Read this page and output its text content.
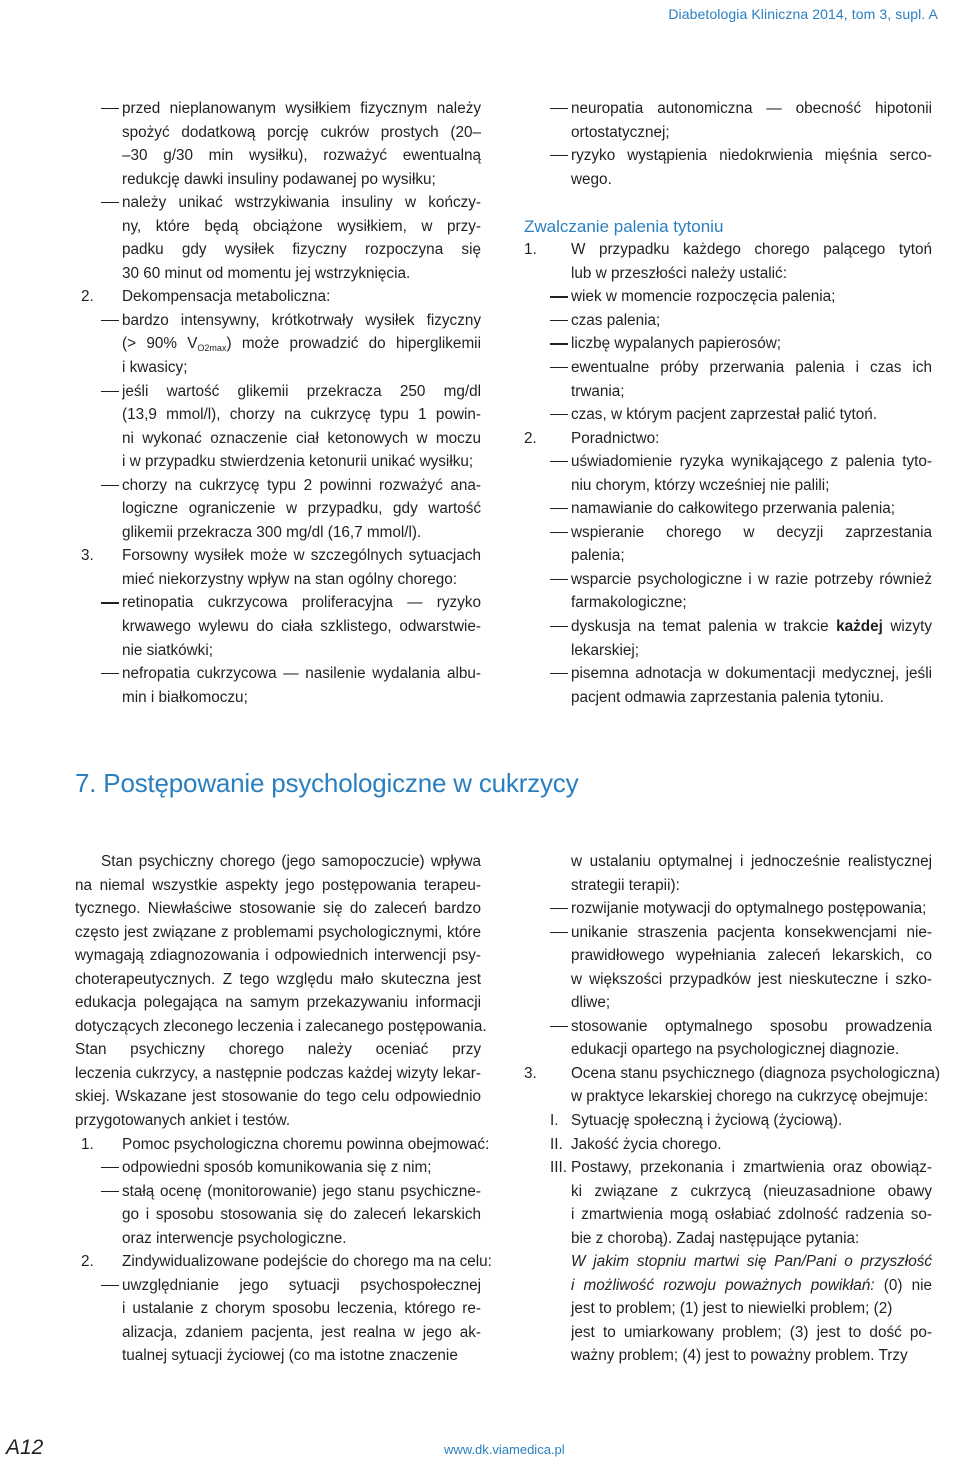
Diabetologia Kliniczna 2014, tom 3, supl. A
przed nieplanowanym wysiłkiem fizycznym należy
spożyć dodatkową porcję cukrów prostych (20–
–30 g/30 min wysiłku), rozważyć ewentualną
redukcję dawki insuliny podawanej po wysiłku;
należy unikać wstrzykiwania insuliny w kończy-
ny, które będą obciążone wysiłkiem, w przy-
padku gdy wysiłek fizyczny rozpoczyna się
30 60 minut od momentu jej wstrzyknięcia.
2. Dekompensacja metaboliczna:
bardzo intensywny, krótkotrwały wysiłek fizyczny
(> 90% $V_{O2max}$) może prowadzić do hiperglikemii
i kwasicy;
jeśli wartość glikemii przekracza 250 mg/dl
(13,9 mmol/l), chorzy na cukrzycę typu 1 powin-
ni wykonać oznaczenie ciał ketonowych w moczu
i w przypadku stwierdzenia ketonurii unikać wysiłku;
chorzy na cukrzycę typu 2 powinni rozważyć ana-
logiczne ograniczenie w przypadku, gdy wartość
glikemii przekracza 300 mg/dl (16,7 mmol/l).
3. Forsowny wysiłek może w szczególnych sytuacjach
mieć niekorzystny wpływ na stan ogólny chorego:
retinopatia cukrzycowa proliferacyjna — ryzyko
krwawego wylewu do ciała szklistego, odwarstwie-
nie siatkówki;
nefropatia cukrzycowa — nasilenie wydalania albu-
min i białkomoczu;
neuropatia autonomiczna — obecność hipotonii
ortostatycznej;
ryzyko wystąpienia niedokrwienia mięśnia serco-
wego.
Zwalczanie palenia tytoniu
1. W przypadku każdego chorego palącego tytoń
lub w przeszłości należy ustalić:
wiek w momencie rozpoczęcia palenia;
czas palenia;
liczbę wypalanych papierosów;
ewentualne próby przerwania palenia i czas ich
trwania;
czas, w którym pacjent zaprzestał palić tytoń.
2. Poradnictwo:
uświadomienie ryzyka wynikającego z palenia tyto-
niu chorym, którzy wcześniej nie palili;
namawianie do całkowitego przerwania palenia;
wspieranie chorego w decyzji zaprzestania
palenia;
wsparcie psychologiczne i w razie potrzeby również
farmakologiczne;
dyskusja na temat palenia w trakcie każdej wizyty
lekarskiej;
pisemna adnotacja w dokumentacji medycznej, jeśli
pacjent odmawia zaprzestania palenia tytoniu.
7. Postępowanie psychologiczne w cukrzycy
Stan psychiczny chorego (jego samopoczucie) wpływa
na niemal wszystkie aspekty jego postępowania terapeu-
tycznego. Niewłaściwe stosowanie się do zaleceń bardzo
często jest związane z problemami psychologicznymi, które
wymagają zdiagnozowania i odpowiednich interwencji psy-
choterapeutycznych. Z tego względu mało skuteczna jest
edukacja polegająca na samym przekazywaniu informacji
dotyczących zleconego leczenia i zalecanego postępowania.
Stan psychiczny chorego należy oceniać przy
leczenia cukrzycy, a następnie podczas każdej wizyty lekar-
skiej. Wskazane jest stosowanie do tego celu odpowiednio
przygotowanych ankiet i testów.
1. Pomoc psychologiczna choremu powinna obejmować:
odpowiedni sposób komunikowania się z nim;
stałą ocenę (monitorowanie) jego stanu psychiczne-
go i sposobu stosowania się do zaleceń lekarskich
oraz interwencje psychologiczne.
2. Zindywidualizowane podejście do chorego ma na celu:
uwzględnianie jego sytuacji psychospołecznej
i ustalanie z chorym sposobu leczenia, którego re-
alizacja, zdaniem pacjenta, jest realna w jego ak-
tualnej sytuacji życiowej (co ma istotne znaczenie
w ustalaniu optymalnej i jednocześnie realistycznej
strategii terapii):
rozwijanie motywacji do optymalnego postępowania;
unikanie straszenia pacjenta konsekwencjami nie-
prawidłowego wypełniania zaleceń lekarskich, co
w większości przypadków jest nieskuteczne i szko-
dliwe;
stosowanie optymalnego sposobu prowadzenia
edukacji opartego na psychologicznej diagnozie.
3. Ocena stanu psychicznego (diagnoza psychologiczna)
w praktyce lekarskiej chorego na cukrzycę obejmuje:
I. Sytuację społeczną i życiową (życiową).
II. Jakość życia chorego.
III. Postawy, przekonania i zmartwienia oraz obowiąz-
ki związane z cukrzycą (nieuzasadnione obawy
i zmartwienia mogą osłabiać zdolność radzenia so-
bie z chorobą). Zadaj następujące pytania:
W jakim stopniu martwi się Pan/Pani o przyszłość
i możliwość rozwoju poważnych powikłań: (0) nie
jest to problem; (1) jest to niewielki problem; (2)
jest to umiarkowany problem; (3) jest to dość po-
ważny problem; (4) jest to poważny problem. Trzy
A12	www.dk.viamedica.pl
